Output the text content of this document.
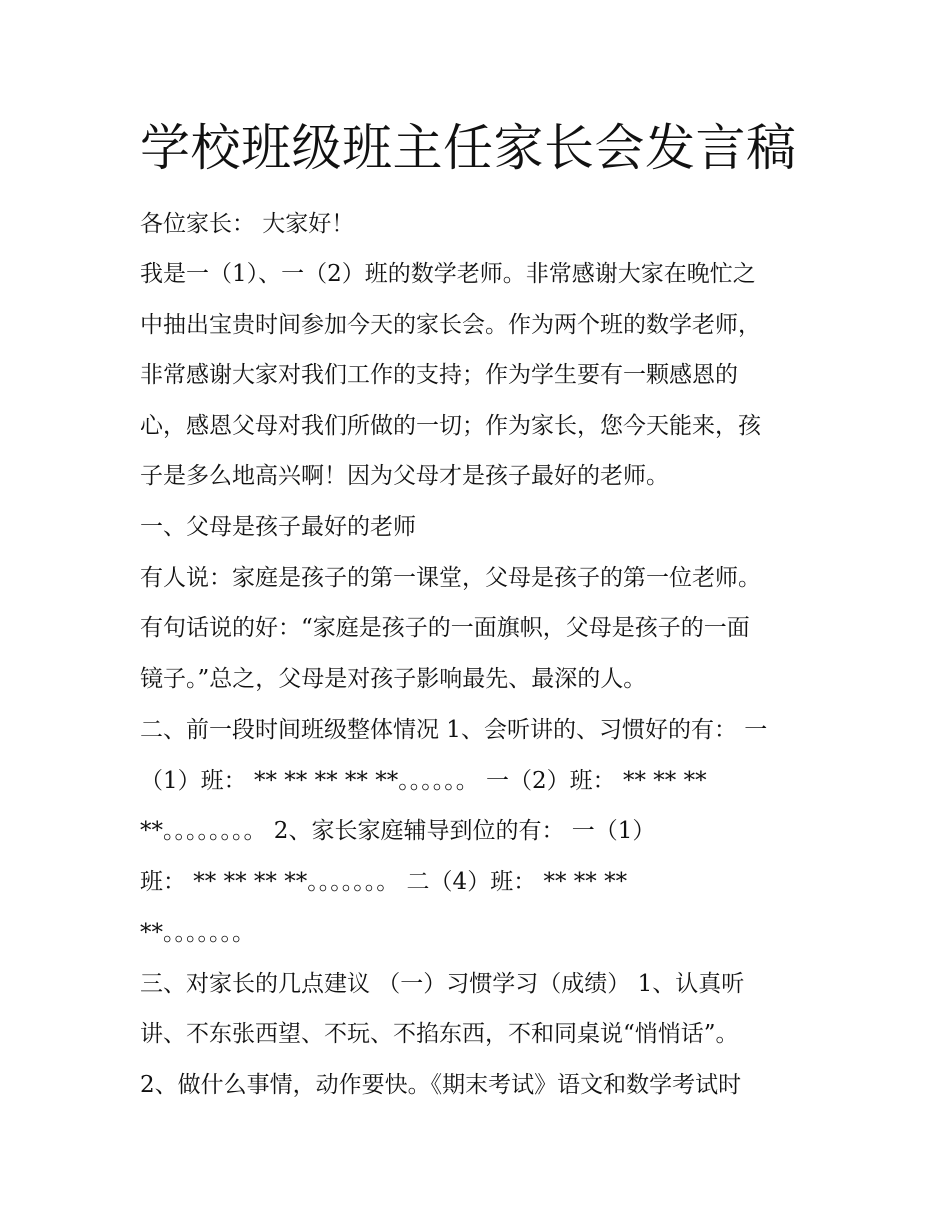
学校班级班主任家长会发言稿
各位家长： 大家好！
我是一（1）、一（2）班的数学老师。非常感谢大家在晚忙之
中抽出宝贵时间参加今天的家长会。作为两个班的数学老师，
非常感谢大家对我们工作的支持；作为学生要有一颗感恩的
心，感恩父母对我们所做的一切；作为家长，您今天能来，孩
子是多么地高兴啊！因为父母才是孩子最好的老师。
一、父母是孩子最好的老师
有人说：家庭是孩子的第一课堂，父母是孩子的第一位老师。
有句话说的好：“家庭是孩子的一面旗帜，父母是孩子的一面
镜子。”总之，父母是对孩子影响最先、最深的人。
二、前一段时间班级整体情况 1、会听讲的、习惯好的有： 一
（1）班： ** ** ** ** **。。。。。。 一（2）班： ** ** **
**。。。。。。。。 2、家长家庭辅导到位的有： 一（1）
班： ** ** ** **。。。。。。。 二（4）班： ** ** **
**。。。。。。。
三、对家长的几点建议 （一）习惯学习（成绩） 1、认真听
讲、不东张西望、不玩、不掐东西，不和同桌说“悄悄话”。
2、做什么事情，动作要快。《期末考试》语文和数学考试时
